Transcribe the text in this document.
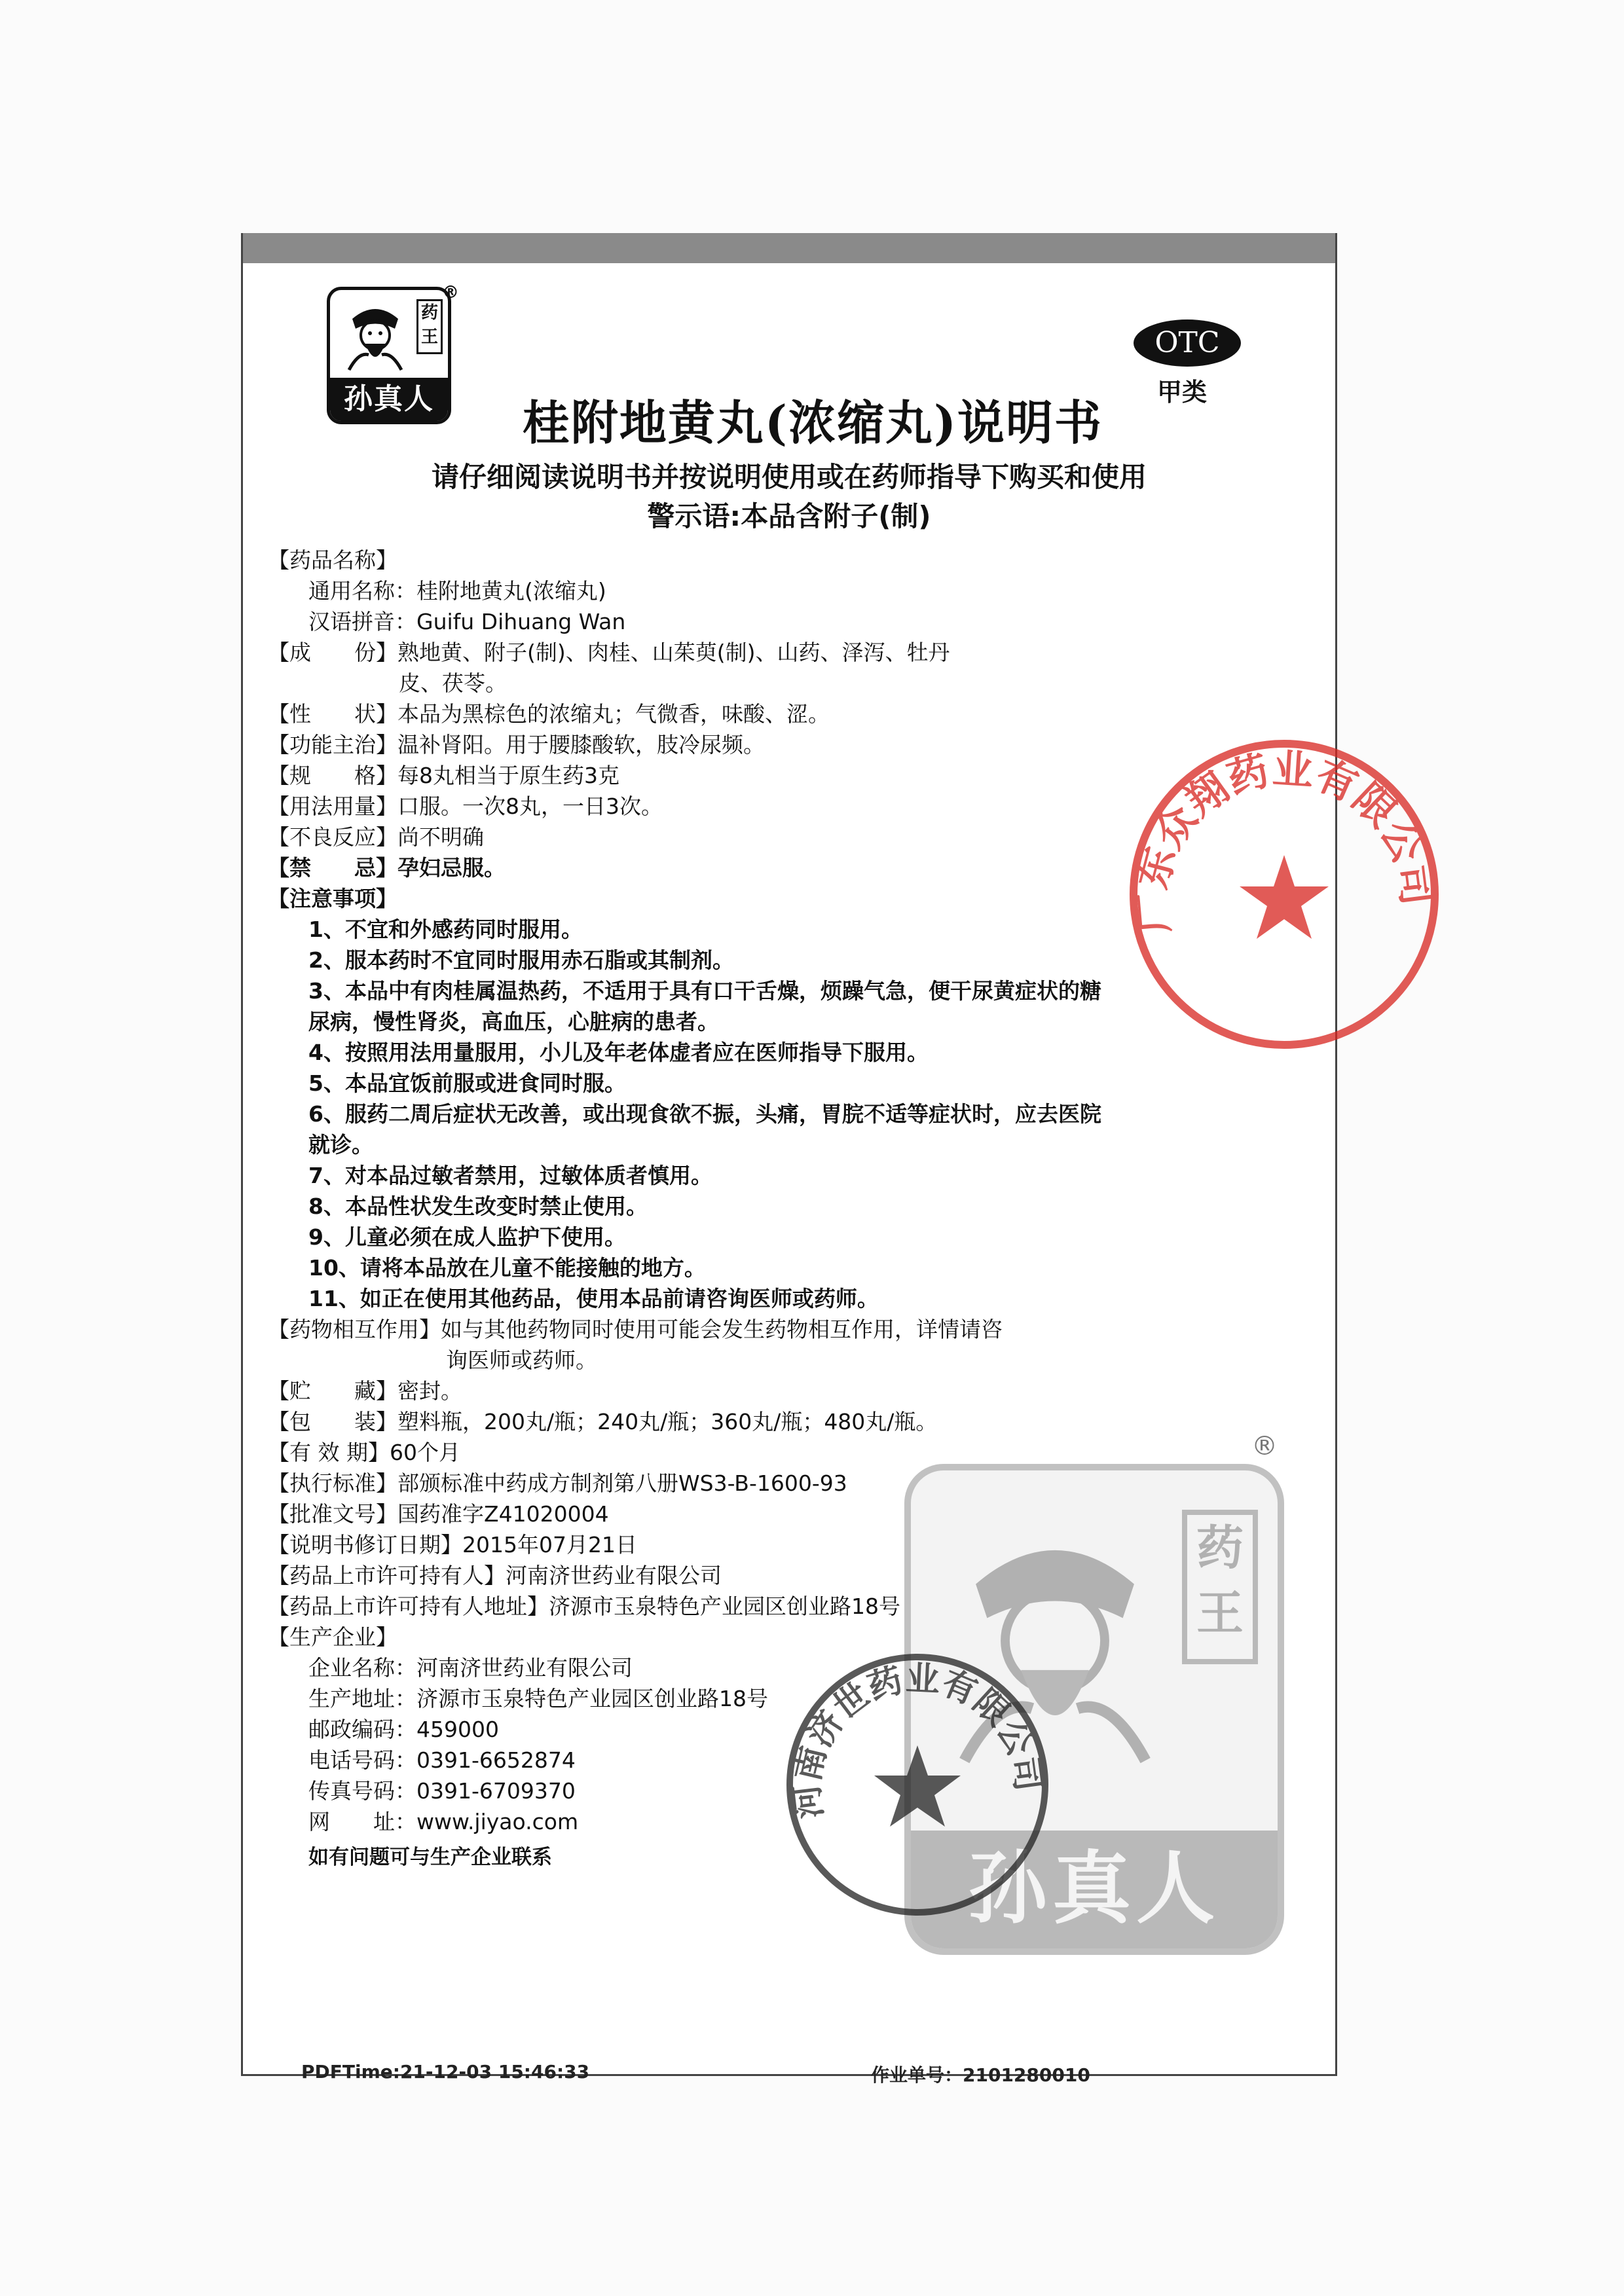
药王
孙真人
®
OTC
甲类
桂附地黄丸(浓缩丸)说明书
请仔细阅读说明书并按说明使用或在药师指导下购买和使用
警示语:本品含附子(制)
【药品名称】
通用名称：桂附地黄丸(浓缩丸)
汉语拼音：Guifu Dihuang Wan
【成　　份】熟地黄、附子(制)、肉桂、山茱萸(制)、山药、泽泻、牡丹
皮、茯苓。
【性　　状】本品为黑棕色的浓缩丸；气微香，味酸、涩。
【功能主治】温补肾阳。用于腰膝酸软，肢冷尿频。
【规　　格】每8丸相当于原生药3克
【用法用量】口服。一次8丸，一日3次。
【不良反应】尚不明确
【禁　　忌】孕妇忌服。
【注意事项】
1、不宜和外感药同时服用。
2、服本药时不宜同时服用赤石脂或其制剂。
3、本品中有肉桂属温热药，不适用于具有口干舌燥，烦躁气急，便干尿黄症状的糖
尿病，慢性肾炎，高血压，心脏病的患者。
4、按照用法用量服用，小儿及年老体虚者应在医师指导下服用。
5、本品宜饭前服或进食同时服。
6、服药二周后症状无改善，或出现食欲不振，头痛，胃脘不适等症状时，应去医院
就诊。
7、对本品过敏者禁用，过敏体质者慎用。
8、本品性状发生改变时禁止使用。
9、儿童必须在成人监护下使用。
10、请将本品放在儿童不能接触的地方。
11、如正在使用其他药品，使用本品前请咨询医师或药师。
【药物相互作用】如与其他药物同时使用可能会发生药物相互作用，详情请咨
询医师或药师。
【贮　　藏】密封。
【包　　装】塑料瓶，200丸/瓶；240丸/瓶；360丸/瓶；480丸/瓶。
【有 效 期】60个月
【执行标准】部颁标准中药成方制剂第八册WS3-B-1600-93
【批准文号】国药准字Z41020004
【说明书修订日期】2015年07月21日
【药品上市许可持有人】河南济世药业有限公司
【药品上市许可持有人地址】济源市玉泉特色产业园区创业路18号
【生产企业】
企业名称：河南济世药业有限公司
生产地址：济源市玉泉特色产业园区创业路18号
邮政编码：459000
电话号码：0391-6652874
传真号码：0391-6709370
网　　址：www.jiyao.com
如有问题可与生产企业联系
®
药王
孙真人
广东众翔药业有限公司
河南济世药业有限公司
PDFTime:21-12-03 15:46:33	作业单号：2101280010
